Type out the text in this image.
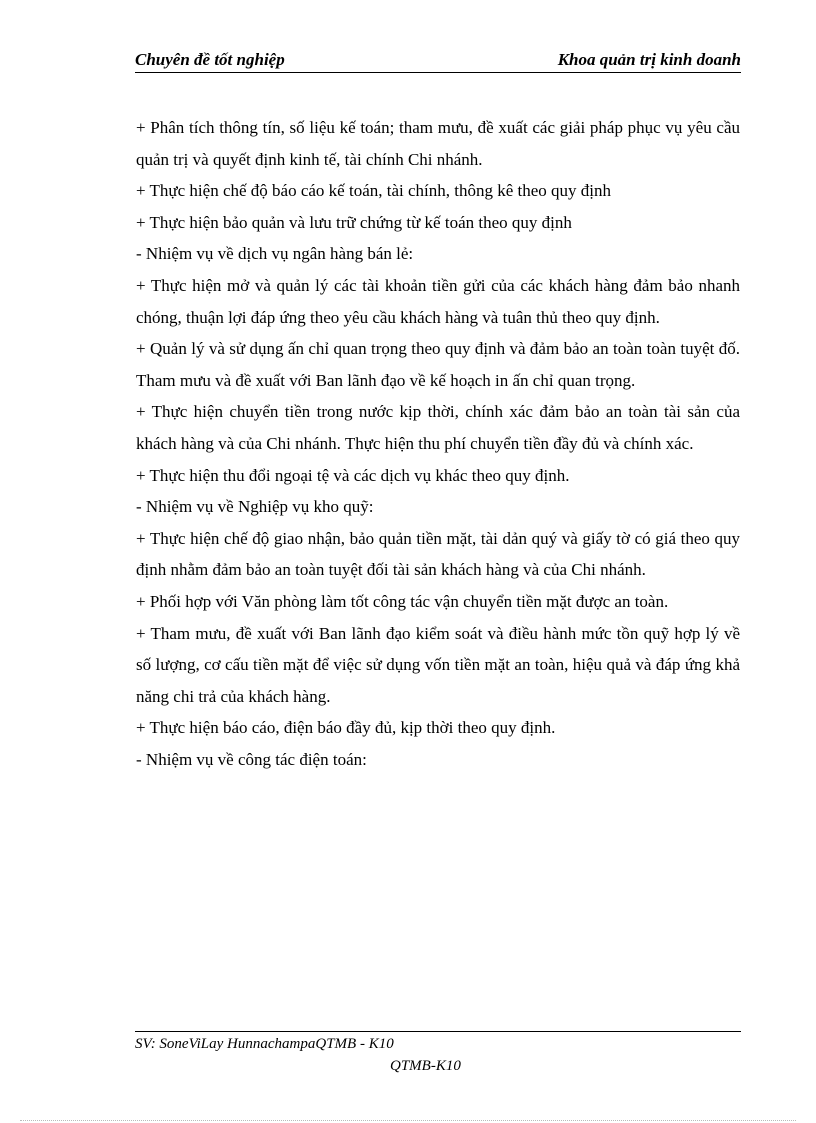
Chuyên đề tốt nghiệp	Khoa quản trị kinh doanh

+ Phân tích thông tín, số liệu kế toán; tham mưu, đề xuất các giải pháp phục vụ yêu cầu quản trị và quyết định kinh tế, tài chính Chi nhánh.

+ Thực hiện chế độ báo cáo kế toán, tài chính, thông kê theo quy định

+ Thực hiện bảo quản và lưu trữ chứng từ kế toán theo quy định

- Nhiệm vụ về dịch vụ ngân hàng bán lẻ:

+ Thực hiện mở và quản lý các tài khoản tiền gửi của các khách hàng đảm bảo nhanh chóng, thuận lợi đáp ứng theo yêu cầu khách hàng và tuân thủ theo quy định.

+ Quản lý và sử dụng ấn chỉ quan trọng theo quy định và đảm bảo an toàn toàn tuyệt đố. Tham mưu và đề xuất với Ban lãnh đạo về kế hoạch in ấn chỉ quan trọng.

+ Thực hiện chuyển tiền trong nước kịp thời, chính xác đảm bảo an toàn tài sản của khách hàng và của Chi nhánh. Thực hiện thu phí chuyển tiền đầy đủ và chính xác.

+ Thực hiện thu đổi ngoại tệ và các dịch vụ khác theo quy định.

- Nhiệm vụ về Nghiệp vụ kho quỹ:

+ Thực hiện chế độ giao nhận, bảo quản tiền mặt, tài dản quý và giấy tờ có giá theo quy định nhằm đảm bảo an toàn tuyệt đối tài sản khách hàng và của Chi nhánh.

+ Phối hợp với Văn phòng làm tốt công tác vận chuyển tiền mặt được an toàn.

+ Tham mưu, đề xuất với Ban lãnh đạo kiểm soát và điều hành mức tồn quỹ hợp lý về số lượng, cơ cấu tiền mặt để việc sử dụng vốn tiền mặt an toàn, hiệu quả và đáp ứng khả năng chi trả của khách hàng.

+ Thực hiện báo cáo, điện báo đầy đủ, kịp thời theo quy định.

- Nhiệm vụ về công tác điện toán:

SV: SoneViLay HunnachampaQTMB - K10
QTMB-K10
